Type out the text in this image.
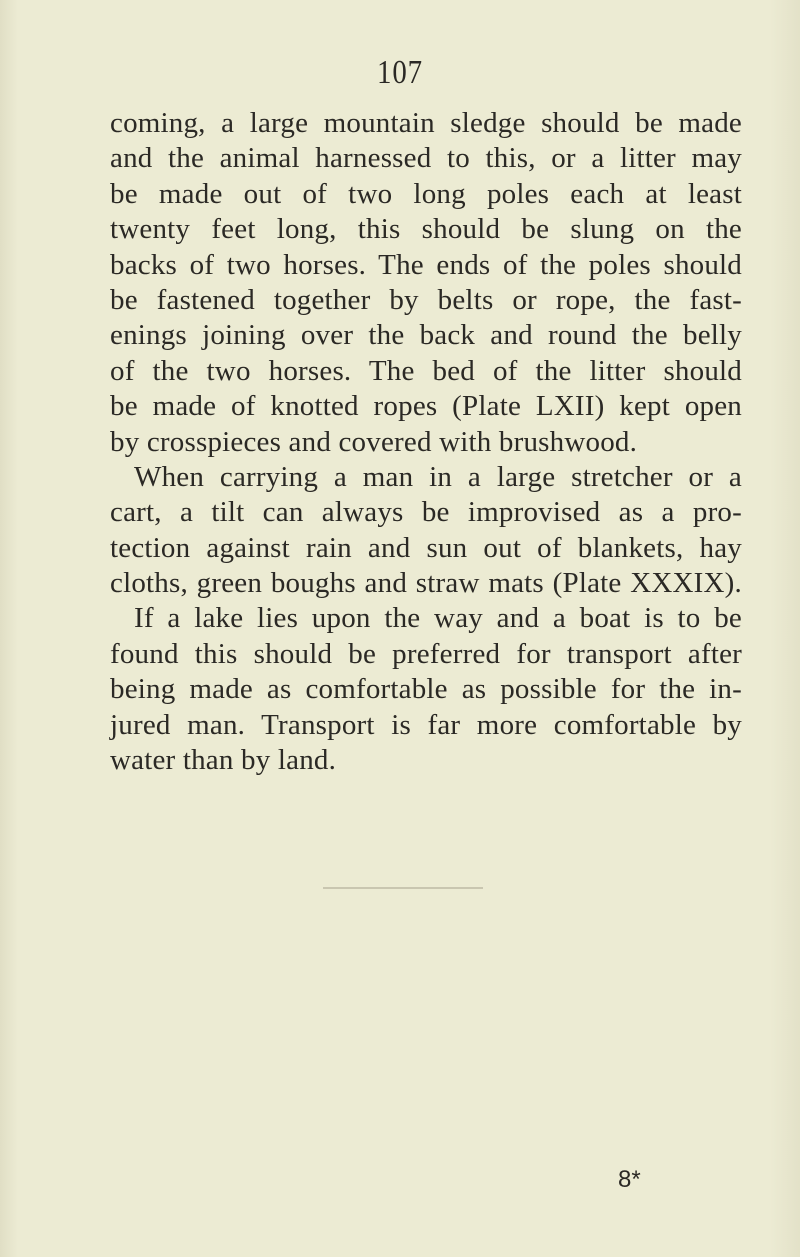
107
coming, a large mountain sledge should be made
and the animal harnessed to this, or a litter may
be made out of two long poles each at least
twenty feet long, this should be slung on the
backs of two horses. The ends of the poles should
be fastened together by belts or rope, the fast-
enings joining over the back and round the belly
of the two horses. The bed of the litter should
be made of knotted ropes (Plate LXII) kept open
by crosspieces and covered with brushwood.
When carrying a man in a large stretcher or a
cart, a tilt can always be improvised as a pro-
tection against rain and sun out of blankets, hay
cloths, green boughs and straw mats (Plate XXXIX).
If a lake lies upon the way and a boat is to be
found this should be preferred for transport after
being made as comfortable as possible for the in-
jured man. Transport is far more comfortable by
water than by land.
8*
